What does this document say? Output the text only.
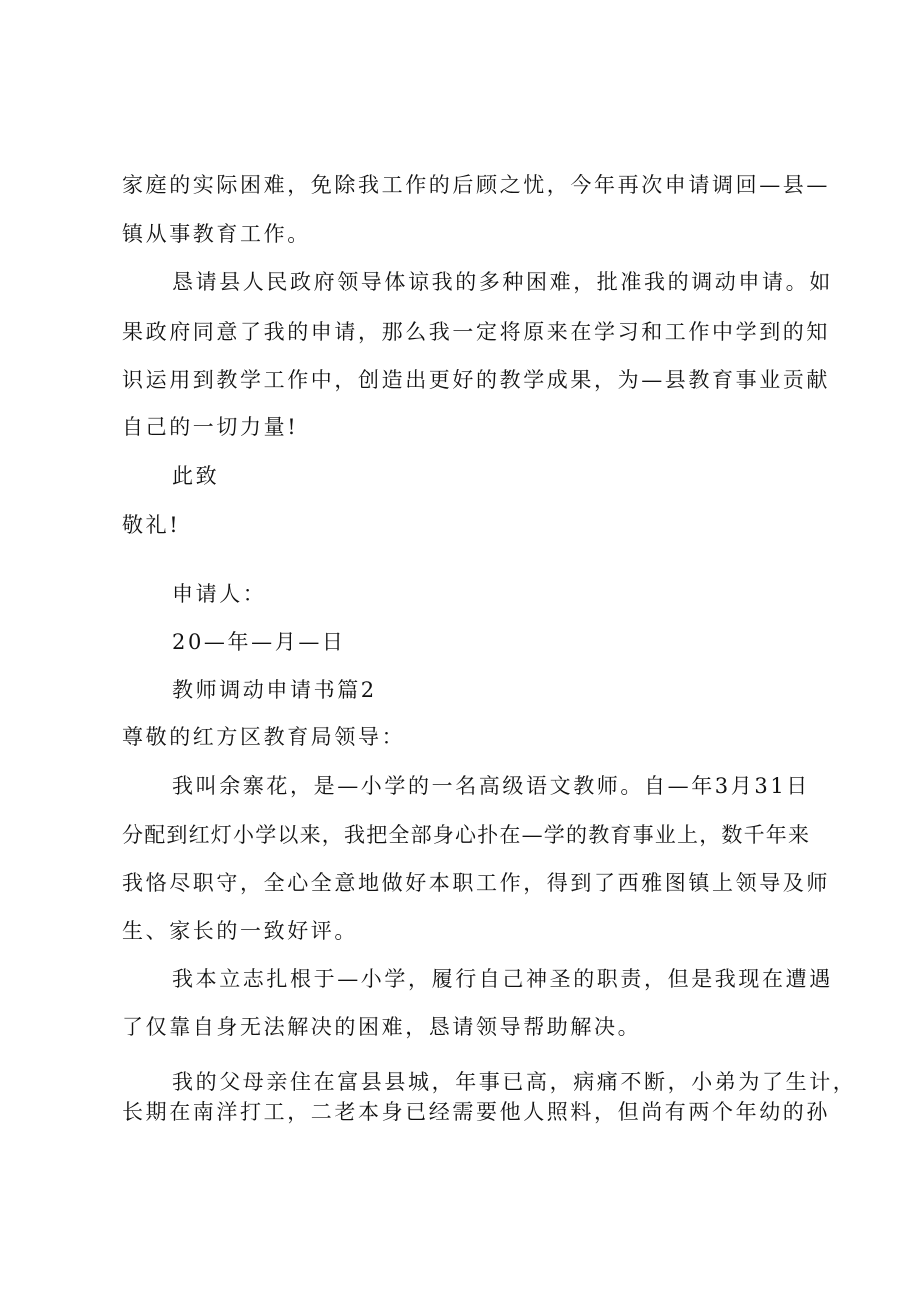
家庭的实际困难，免除我工作的后顾之忧，今年再次申请调回—县—
镇从事教育工作。
恳请县人民政府领导体谅我的多种困难，批准我的调动申请。如
果政府同意了我的申请，那么我一定将原来在学习和工作中学到的知
识运用到教学工作中，创造出更好的教学成果，为—县教育事业贡献
自己的一切力量!
此致
敬礼!
申请人：
20—年—月—日
教师调动申请书篇2
尊敬的红方区教育局领导：
我叫余寨花，是—小学的一名高级语文教师。自—年3月31日
分配到红灯小学以来，我把全部身心扑在—学的教育事业上，数千年来
我恪尽职守，全心全意地做好本职工作，得到了西雅图镇上领导及师
生、家长的一致好评。
我本立志扎根于—小学，履行自己神圣的职责，但是我现在遭遇
了仅靠自身无法解决的困难，恳请领导帮助解决。
我的父母亲住在富县县城，年事已高，病痛不断，小弟为了生计，
长期在南洋打工，二老本身已经需要他人照料，但尚有两个年幼的孙
